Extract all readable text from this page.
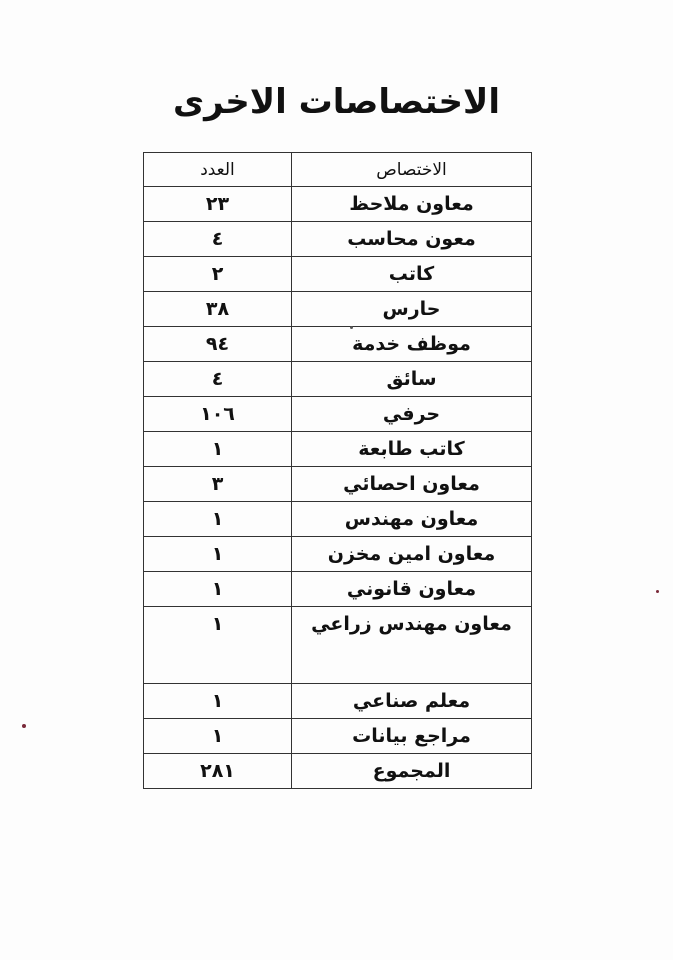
الاختصاصات الاخرى
الاختصاص	العدد
معاون ملاحظ	٢٣
معون محاسب	٤
كاتب	٢
حارس	٣٨
موظف خدمة	٩٤
سائق	٤
حرفي	١٠٦
كاتب طابعة	١
معاون احصائي	٣
معاون مهندس	١
معاون امين مخزن	١
معاون قانوني	١
معاون مهندس زراعي	١
معلم صناعي	١
مراجع بيانات	١
المجموع	٢٨١
